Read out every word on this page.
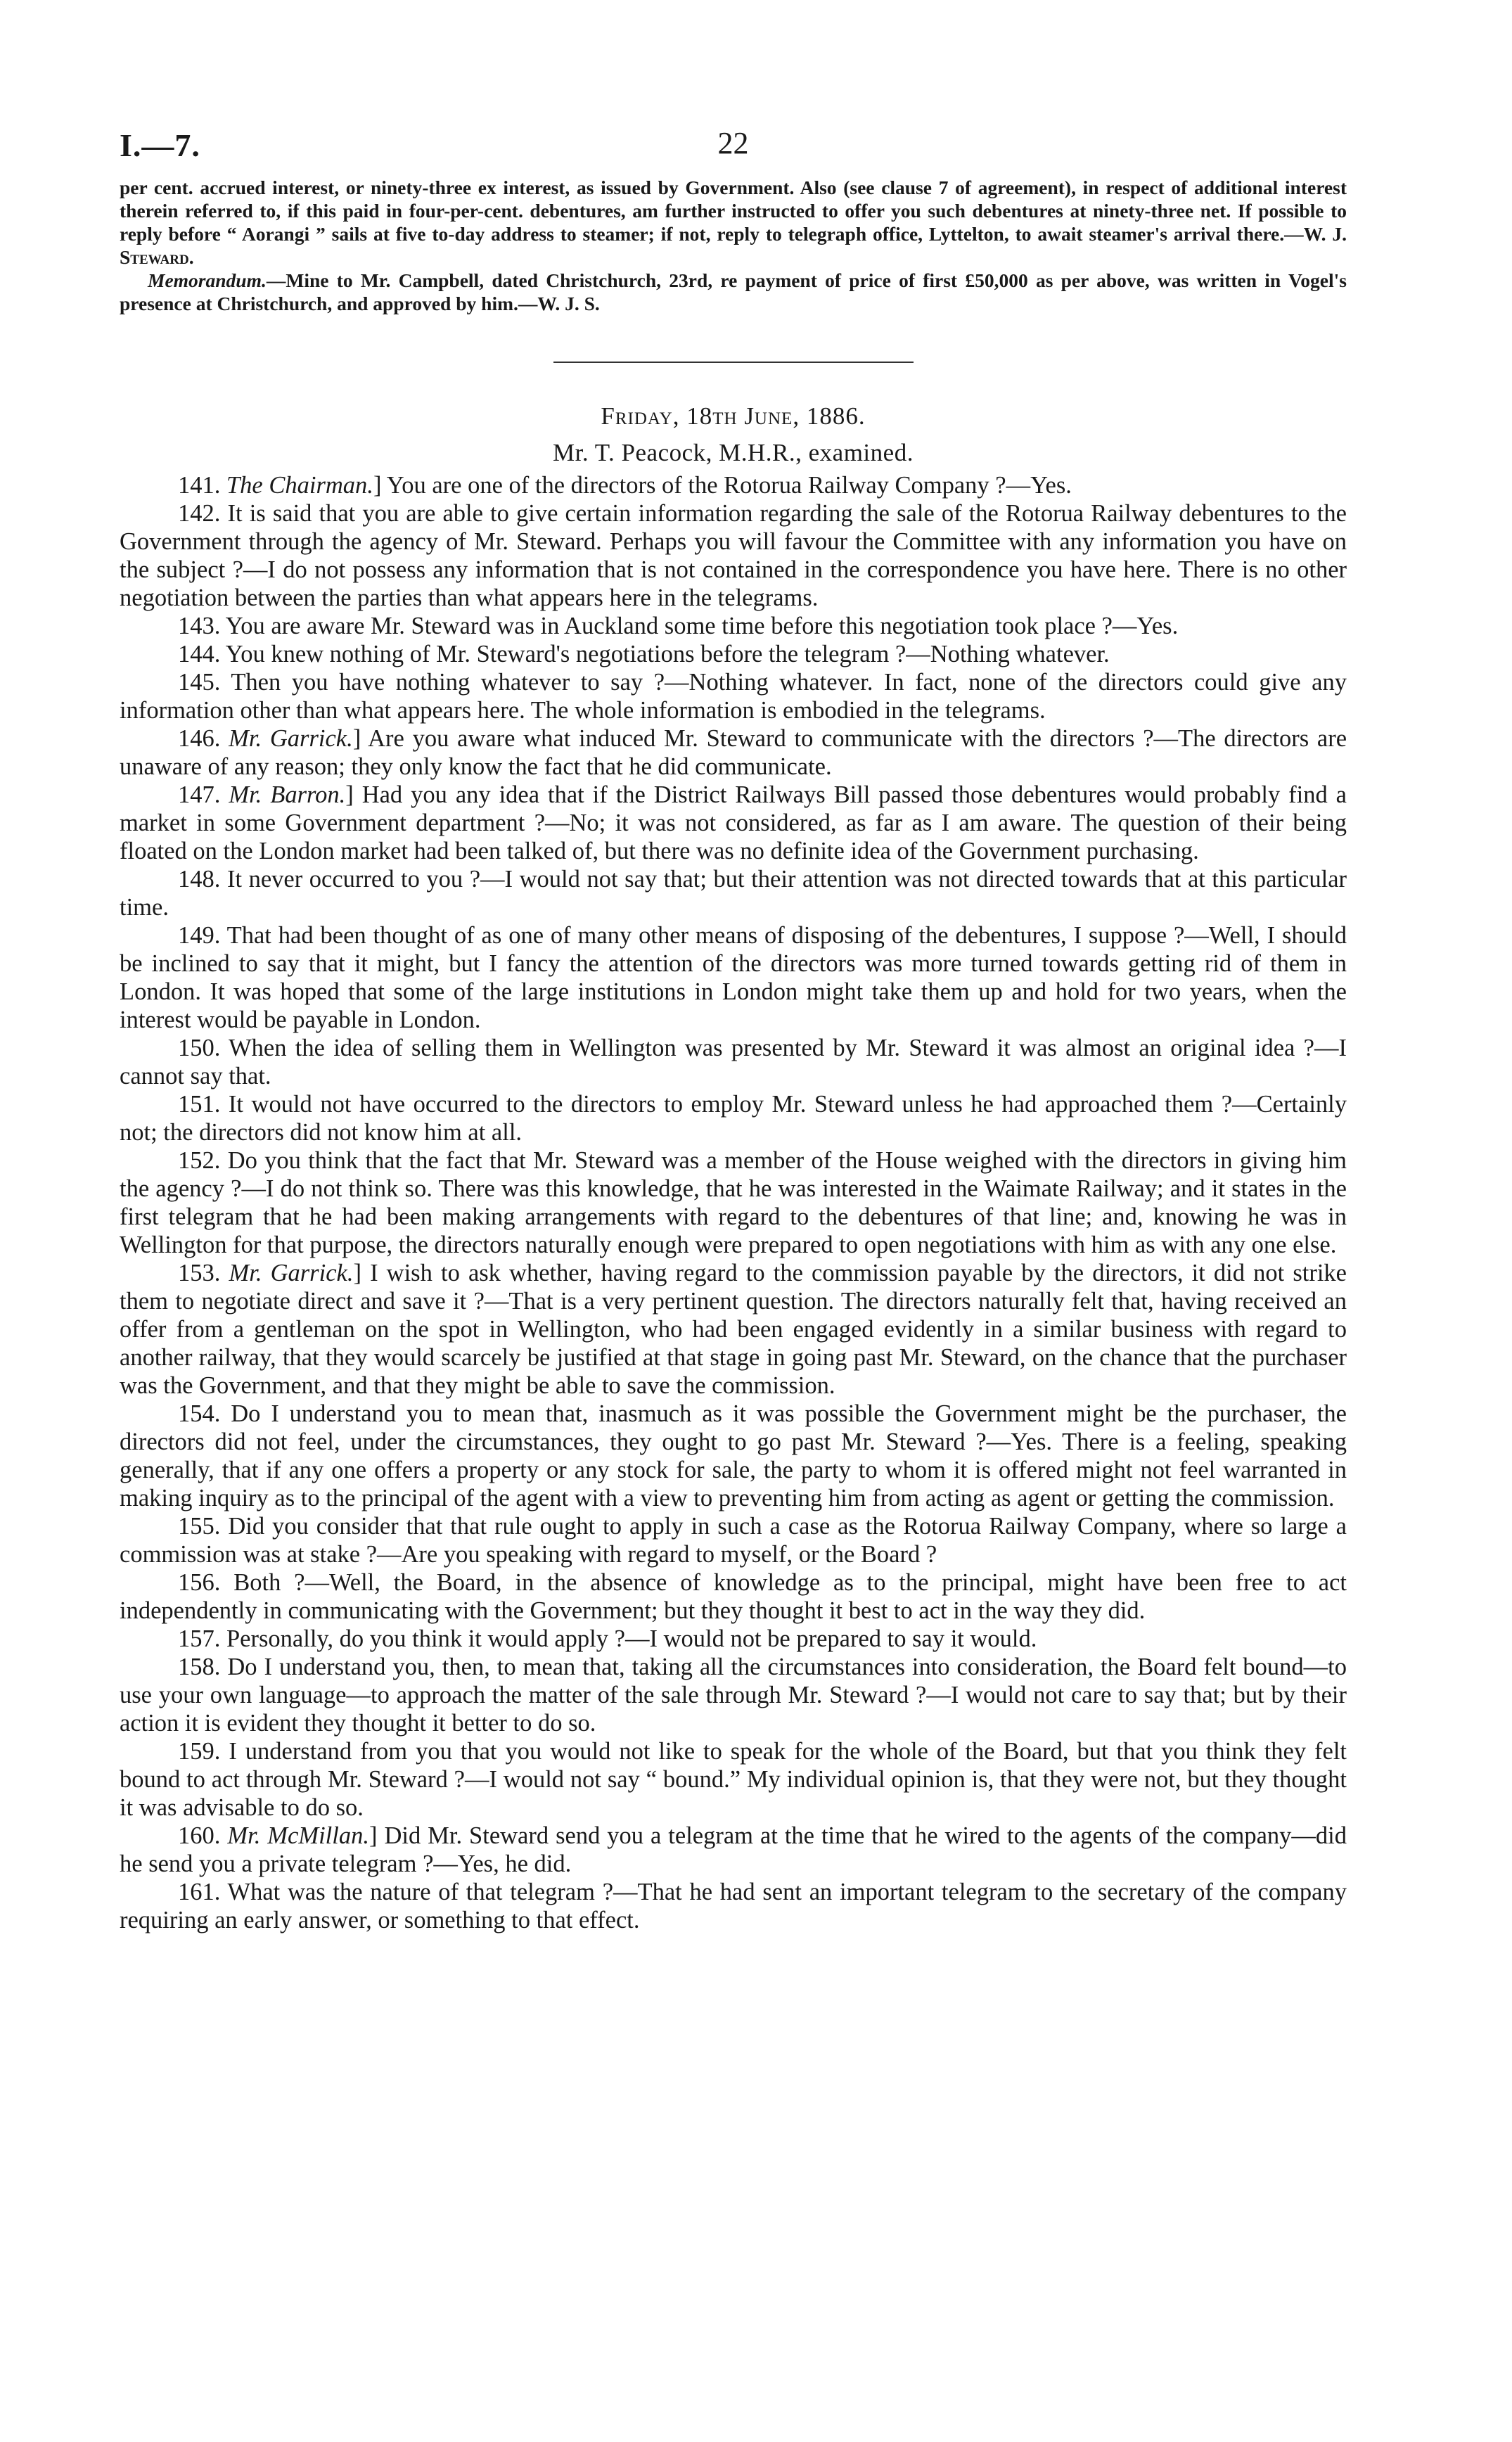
I.—7.	22

per cent. accrued interest, or ninety-three ex interest, as issued by Government. Also (see clause 7 of agreement), in respect of additional interest therein referred to, if this paid in four-per-cent. debentures, am further instructed to offer you such debentures at ninety-three net. If possible to reply before “ Aorangi ” sails at five to-day address to steamer; if not, reply to telegraph office, Lyttelton, to await steamer's arrival there.—W. J. Steward.

Memorandum.—Mine to Mr. Campbell, dated Christchurch, 23rd, re payment of price of first £50,000 as per above, was written in Vogel's presence at Christchurch, and approved by him.—W. J. S.

Friday, 18th June, 1886.
Mr. T. Peacock, M.H.R., examined.

141. The Chairman.] You are one of the directors of the Rotorua Railway Company ?—Yes.

142. It is said that you are able to give certain information regarding the sale of the Rotorua Railway debentures to the Government through the agency of Mr. Steward. Perhaps you will favour the Committee with any information you have on the subject ?—I do not possess any information that is not contained in the correspondence you have here. There is no other negotiation between the parties than what appears here in the telegrams.

143. You are aware Mr. Steward was in Auckland some time before this negotiation took place ?—Yes.

144. You knew nothing of Mr. Steward's negotiations before the telegram ?—Nothing whatever.

145. Then you have nothing whatever to say ?—Nothing whatever. In fact, none of the directors could give any information other than what appears here. The whole information is embodied in the telegrams.

146. Mr. Garrick.] Are you aware what induced Mr. Steward to communicate with the directors ?—The directors are unaware of any reason; they only know the fact that he did communicate.

147. Mr. Barron.] Had you any idea that if the District Railways Bill passed those debentures would probably find a market in some Government department ?—No; it was not considered, as far as I am aware. The question of their being floated on the London market had been talked of, but there was no definite idea of the Government purchasing.

148. It never occurred to you ?—I would not say that; but their attention was not directed towards that at this particular time.

149. That had been thought of as one of many other means of disposing of the debentures, I suppose ?—Well, I should be inclined to say that it might, but I fancy the attention of the directors was more turned towards getting rid of them in London. It was hoped that some of the large institutions in London might take them up and hold for two years, when the interest would be payable in London.

150. When the idea of selling them in Wellington was presented by Mr. Steward it was almost an original idea ?—I cannot say that.

151. It would not have occurred to the directors to employ Mr. Steward unless he had approached them ?—Certainly not; the directors did not know him at all.

152. Do you think that the fact that Mr. Steward was a member of the House weighed with the directors in giving him the agency ?—I do not think so. There was this knowledge, that he was interested in the Waimate Railway; and it states in the first telegram that he had been making arrangements with regard to the debentures of that line; and, knowing he was in Wellington for that purpose, the directors naturally enough were prepared to open negotiations with him as with any one else.

153. Mr. Garrick.] I wish to ask whether, having regard to the commission payable by the directors, it did not strike them to negotiate direct and save it ?—That is a very pertinent question. The directors naturally felt that, having received an offer from a gentleman on the spot in Wellington, who had been engaged evidently in a similar business with regard to another railway, that they would scarcely be justified at that stage in going past Mr. Steward, on the chance that the purchaser was the Government, and that they might be able to save the commission.

154. Do I understand you to mean that, inasmuch as it was possible the Government might be the purchaser, the directors did not feel, under the circumstances, they ought to go past Mr. Steward ?—Yes. There is a feeling, speaking generally, that if any one offers a property or any stock for sale, the party to whom it is offered might not feel warranted in making inquiry as to the principal of the agent with a view to preventing him from acting as agent or getting the commission.

155. Did you consider that that rule ought to apply in such a case as the Rotorua Railway Company, where so large a commission was at stake ?—Are you speaking with regard to myself, or the Board ?

156. Both ?—Well, the Board, in the absence of knowledge as to the principal, might have been free to act independently in communicating with the Government; but they thought it best to act in the way they did.

157. Personally, do you think it would apply ?—I would not be prepared to say it would.

158. Do I understand you, then, to mean that, taking all the circumstances into consideration, the Board felt bound—to use your own language—to approach the matter of the sale through Mr. Steward ?—I would not care to say that; but by their action it is evident they thought it better to do so.

159. I understand from you that you would not like to speak for the whole of the Board, but that you think they felt bound to act through Mr. Steward ?—I would not say “ bound.” My individual opinion is, that they were not, but they thought it was advisable to do so.

160. Mr. McMillan.] Did Mr. Steward send you a telegram at the time that he wired to the agents of the company—did he send you a private telegram ?—Yes, he did.

161. What was the nature of that telegram ?—That he had sent an important telegram to the secretary of the company requiring an early answer, or something to that effect.
